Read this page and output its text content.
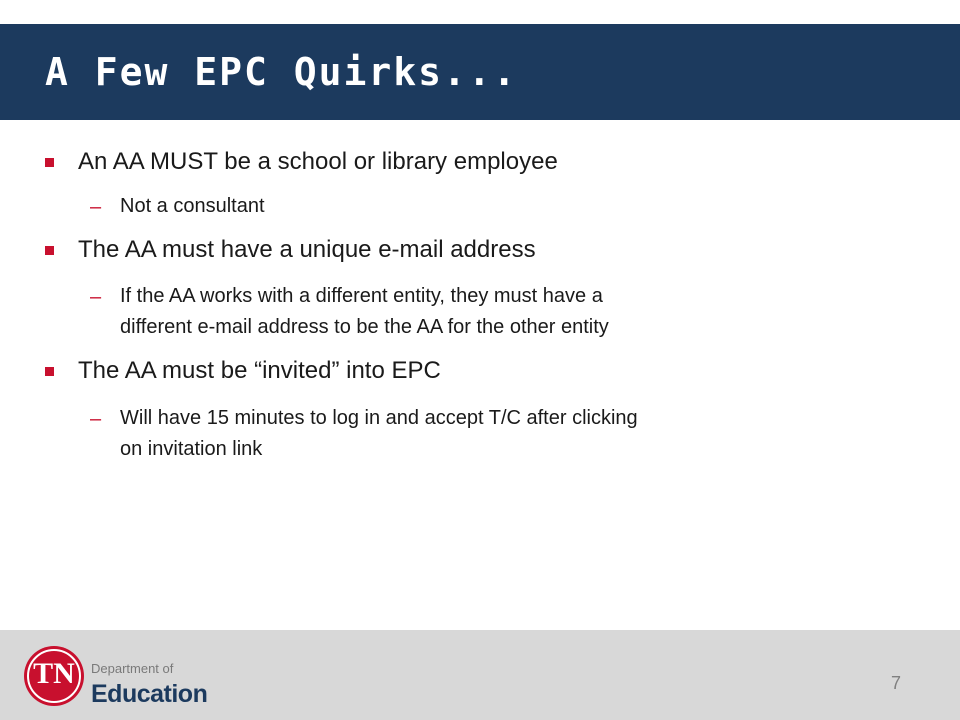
A Few EPC Quirks...
An AA MUST be a school or library employee
– Not a consultant
The AA must have a unique e-mail address
– If the AA works with a different entity, they must have a
different e-mail address to be the AA for the other entity
The AA must be “invited” into EPC
– Will have 15 minutes to log in and accept T/C after clicking
on invitation link
TN	Department of
Education	7
